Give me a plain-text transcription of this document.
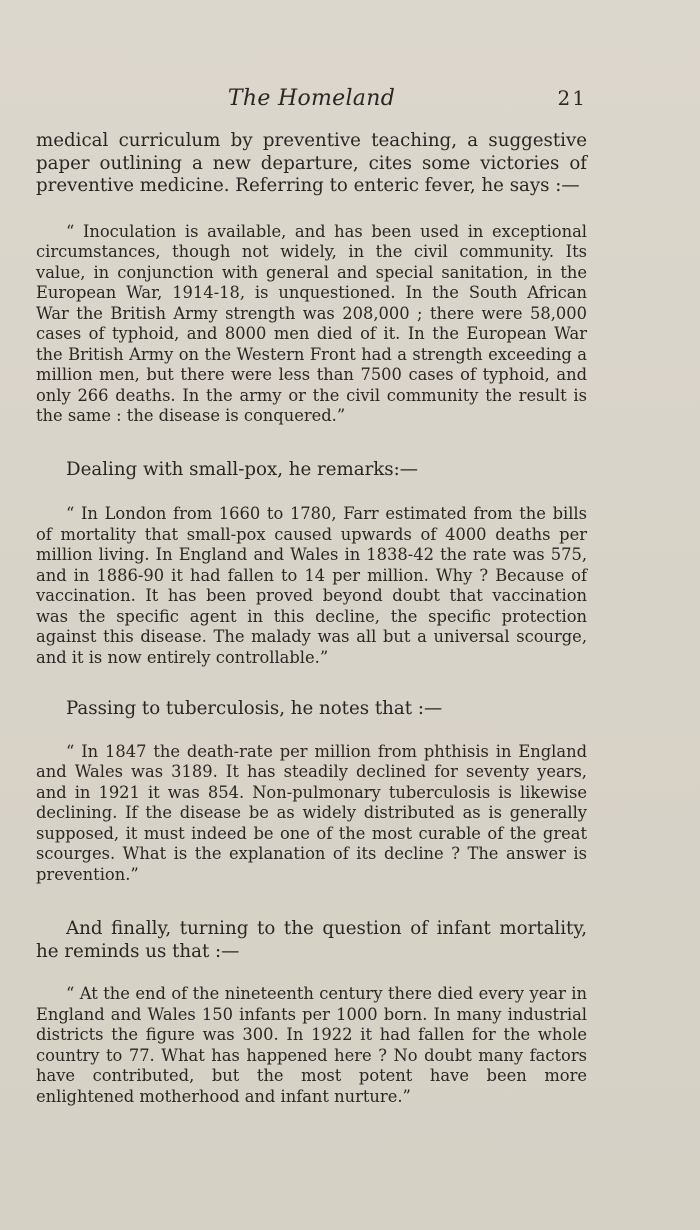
The Homeland	21

medical curriculum by preventive teaching, a suggestive paper outlining a new departure, cites some victories of preventive medicine. Referring to enteric fever, he says :—

“ Inoculation is available, and has been used in exceptional circumstances, though not widely, in the civil community. Its value, in conjunction with general and special sanitation, in the European War, 1914-18, is unquestioned. In the South African War the British Army strength was 208,000 ; there were 58,000 cases of typhoid, and 8000 men died of it. In the European War the British Army on the Western Front had a strength exceeding a million men, but there were less than 7500 cases of typhoid, and only 266 deaths. In the army or the civil community the result is the same : the disease is conquered.”

Dealing with small-pox, he remarks:—

“ In London from 1660 to 1780, Farr estimated from the bills of mortality that small-pox caused upwards of 4000 deaths per million living. In England and Wales in 1838-42 the rate was 575, and in 1886-90 it had fallen to 14 per million. Why ? Because of vaccination. It has been proved beyond doubt that vaccination was the specific agent in this decline, the specific protection against this disease. The malady was all but a universal scourge, and it is now entirely controllable.”

Passing to tuberculosis, he notes that :—

“ In 1847 the death-rate per million from phthisis in England and Wales was 3189. It has steadily declined for seventy years, and in 1921 it was 854. Non-pulmonary tuberculosis is likewise declining. If the disease be as widely distributed as is generally supposed, it must indeed be one of the most curable of the great scourges. What is the explanation of its decline ? The answer is prevention.”

And finally, turning to the question of infant mortality, he reminds us that :—

“ At the end of the nineteenth century there died every year in England and Wales 150 infants per 1000 born. In many industrial districts the figure was 300. In 1922 it had fallen for the whole country to 77. What has happened here ? No doubt many factors have contributed, but the most potent have been more enlightened motherhood and infant nurture.”
